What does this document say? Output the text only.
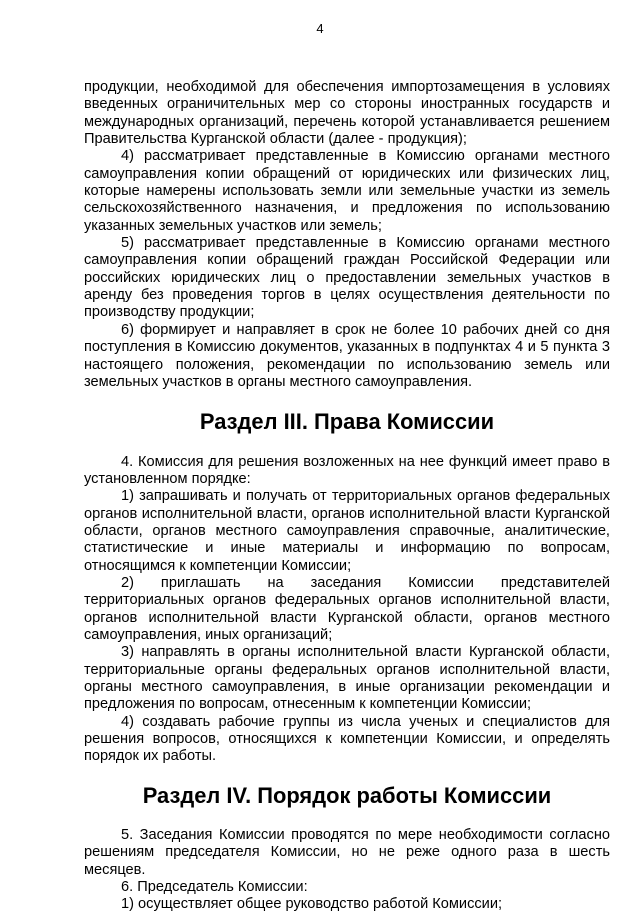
4

продукции, необходимой для обеспечения импортозамещения в условиях введенных ограничительных мер со стороны иностранных государств и международных организаций, перечень которой устанавливается решением Правительства Курганской области (далее - продукция);

4) рассматривает представленные в Комиссию органами местного самоуправления копии обращений от юридических или физических лиц, которые намерены использовать земли или земельные участки из земель сельскохозяйственного назначения, и предложения по использованию указанных земельных участков или земель;

5) рассматривает представленные в Комиссию органами местного самоуправления копии обращений граждан Российской Федерации или российских юридических лиц о предоставлении земельных участков в аренду без проведения торгов в целях осуществления деятельности по производству продукции;

6) формирует и направляет в срок не более 10 рабочих дней со дня поступления в Комиссию документов, указанных в подпунктах 4 и 5 пункта 3 настоящего положения, рекомендации по использованию земель или земельных участков в органы местного самоуправления.

Раздел III. Права Комиссии

4. Комиссия для решения возложенных на нее функций имеет право в установленном порядке:

1) запрашивать и получать от территориальных органов федеральных органов исполнительной власти, органов исполнительной власти Курганской области, органов местного самоуправления справочные, аналитические, статистические и иные материалы и информацию по вопросам, относящимся к компетенции Комиссии;

2) приглашать на заседания Комиссии представителей территориальных органов федеральных органов исполнительной власти, органов исполнительной власти Курганской области, органов местного самоуправления, иных организаций;

3) направлять в органы исполнительной власти Курганской области, территориальные органы федеральных органов исполнительной власти, органы местного самоуправления, в иные организации рекомендации и предложения по вопросам, отнесенным к компетенции Комиссии;

4) создавать рабочие группы из числа ученых и специалистов для решения вопросов, относящихся к компетенции Комиссии, и определять порядок их работы.

Раздел IV. Порядок работы Комиссии

5. Заседания Комиссии проводятся по мере необходимости согласно решениям председателя Комиссии, но не реже одного раза в шесть месяцев.

6. Председатель Комиссии:

1) осуществляет общее руководство работой Комиссии;
